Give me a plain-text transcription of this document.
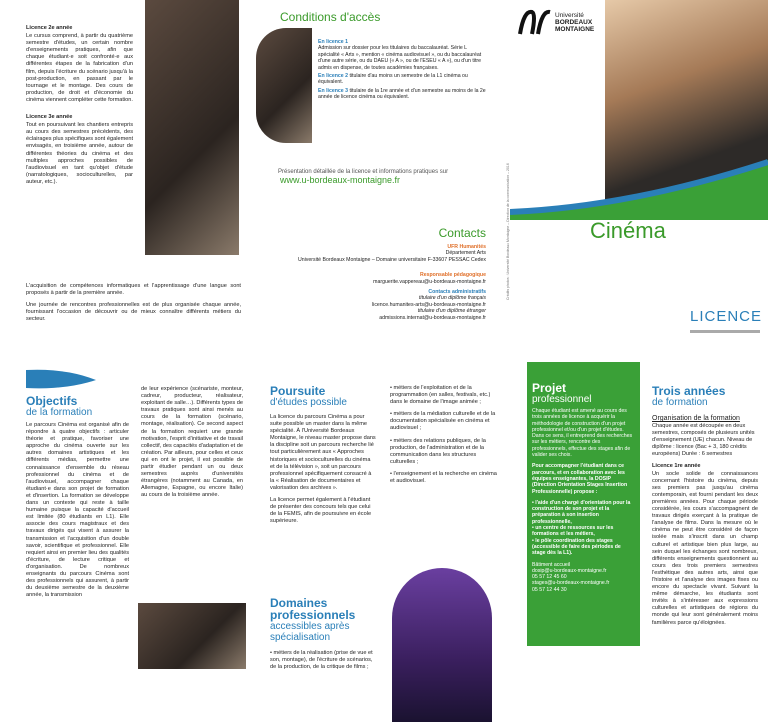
Licence 2e année

Le cursus comprend, à partir du quatrième semestre d'études, un certain nombre d'enseignements pratiques, afin que chaque étudiant·e soit confronté·e aux différentes étapes de la fabrication d'un film, depuis l'écriture du scénario jusqu'à la post-production, en passant par le tournage et le montage. Des cours de production, de droit et d'économie du cinéma viennent compléter cette formation.

Licence 3e année

Tout en poursuivant les chantiers entrepris au cours des semestres précédents, des éclairages plus spécifiques sont également envisagés, en troisième année, autour de différentes théories du cinéma et des multiples approches possibles de l'audiovisuel en tant qu'objet d'étude (narratologiques, socioculturelles, par auteur, etc.).

L'acquisition de compétences informatiques et l'apprentissage d'une langue sont proposés à partir de la première année.

Une journée de rencontres professionnelles est de plus organisée chaque année, fournissant l'occasion de découvrir ou de mieux connaître différents métiers du secteur.

Conditions d'accès
En licence 1
Admission sur dossier pour les titulaires du baccalauréat. Série L spécialité « Arts », mention « cinéma audiovisuel », ou du baccalauréat d'une autre série, ou du DAEU (« A », ou de l'ESEU « A »), ou d'un titre admis en dispense, de toutes académies françaises.
En licence 2 titulaire d'au moins un semestre de la L1 cinéma ou équivalent.
En licence 3 titulaire de la 1re année et d'un semestre au moins de la 2e année de licence cinéma ou équivalent.
Présentation détaillée de la licence et informations pratiques sur
www.u-bordeaux-montaigne.fr
Contacts
UFR Humanités
Département Arts
Université Bordeaux Montaigne – Domaine universitaire F-33607 PESSAC Cedex
Responsable pédagogique
marguerite.vappereau@u-bordeaux-montaigne.fr
Contacts administratifs
titulaire d'un diplôme français
licence.humanites-arts@u-bordeaux-montaigne.fr
titulaire d'un diplôme étranger
admissions.internat@u-bordeaux-montaigne.fr
Crédits photos : Université Bordeaux Montaigne – Direction de la communication – 2016
Université
BORDEAUX
MONTAIGNE
Cinéma
LICENCE
Objectifs
de la formation
Le parcours Cinéma est organisé afin de répondre à quatre objectifs : articuler théorie et pratique, favoriser une approche du cinéma ouverte sur les autres domaines artistiques et les différents médias, permettre une connaissance d'ensemble du réseau professionnel du cinéma et de l'audiovisuel, accompagner chaque étudiant·e dans son projet de formation et d'insertion. La formation se développe dans un contexte qui reste à taille humaine puisque la capacité d'accueil est limitée (80 étudiants en L1). Elle associe des cours magistraux et des travaux dirigés qui visent à assurer la transmission et l'acquisition d'un double savoir, scientifique et professionnel. Elle requiert ainsi en premier lieu des qualités d'écriture, de lecture critique et d'organisation. De nombreux enseignants du parcours Cinéma sont des professionnels qui assurent, à partir du deuxième semestre de la deuxième année, la transmission
de leur expérience (scénariste, monteur, cadreur, producteur, réalisateur, exploitant de salle…). Différents types de travaux pratiques sont ainsi menés au cours de la formation (scénario, montage, réalisation). Ce second aspect de la formation requiert une grande motivation, l'esprit d'initiative et de travail collectif, des capacités d'adaptation et de création. Par ailleurs, pour celles et ceux qui en ont le projet, il est possible de partir étudier pendant un ou deux semestres auprès d'universités étrangères (notamment au Canada, en Allemagne, Espagne, ou encore Italie) au cours de la troisième année.
Poursuite
d'études possible

La licence du parcours Cinéma a pour suite possible un master dans la même spécialité. À l'Université Bordeaux Montaigne, le niveau master propose dans la discipline soit un parcours recherche lié tout particulièrement aux « Approches historiques et socioculturelles du cinéma et de la télévision », soit un parcours professionnel spécifiquement consacré à la « Réalisation de documentaires et valorisation des archives ».

La licence permet également à l'étudiant de présenter des concours tels que celui de la FEMIS, afin de poursuivre en école supérieure.

Domaines
professionnels
accessibles après
spécialisation
• métiers de la réalisation (prise de vue et son, montage), de l'écriture de scénarios, de la production, de la critique de films ;

• métiers de l'exploitation et de la programmation (en salles, festivals, etc.) dans le domaine de l'image animée ;

• métiers de la médiation culturelle et de la documentation spécialisée en cinéma et audiovisuel ;

• métiers des relations publiques, de la production, de l'administration et de la communication dans les structures culturelles ;

• l'enseignement et la recherche en cinéma et audiovisuel.

Projet
professionnel

Chaque étudiant est amené au cours des trois années de licence à acquérir la méthodologie de construction d'un projet professionnel et/ou d'un projet d'études. Dans ce sens, il entreprend des recherches sur les métiers, rencontre des professionnels, effectue des stages afin de valider ses choix.

Pour accompagner l'étudiant dans ce parcours, et en collaboration avec les équipes enseignantes, la DOSIP (Direction Orientation Stages Insertion Professionnelle) propose :

• l'aide d'un chargé d'orientation pour la construction de son projet et la préparation à son insertion professionnelle,
• un centre de ressources sur les formations et les métiers,

• le pôle coordination des stages (accessible de faire des périodes de stage dès la L1).

Bâtiment accueil
dosip@u-bordeaux-montaigne.fr
05 57 12 45 60
stages@u-bordeaux-montaigne.fr
05 57 12 44 30
Trois années
de formation
Organisation de la formation

Chaque année est découpée en deux semestres, composés de plusieurs unités d'enseignement (UE) chacun. Niveau de diplôme : licence (Bac + 3, 180 crédits européens) Durée : 6 semestres

Licence 1re année

Un socle solide de connaissances concernant l'histoire du cinéma, depuis ses premiers pas jusqu'au cinéma contemporain, est fourni pendant les deux premières années. Pour chaque période considérée, les cours s'accompagnent de travaux dirigés exerçant à la pratique de l'analyse de films. Dans la mesure où le cinéma ne peut être considéré de façon isolée mais s'inscrit dans un champ culturel et artistique bien plus large, au sein duquel les échanges sont nombreux, différents enseignements questionnent au cours des trois premiers semestres l'esthétique des autres arts, ainsi que l'histoire et l'analyse des images fixes ou encore du spectacle vivant. Suivant la même démarche, les étudiants sont invités à s'intéresser aux expressions culturelles et artistiques de régions du monde qui leur sont généralement moins familières parce qu'éloignées.
